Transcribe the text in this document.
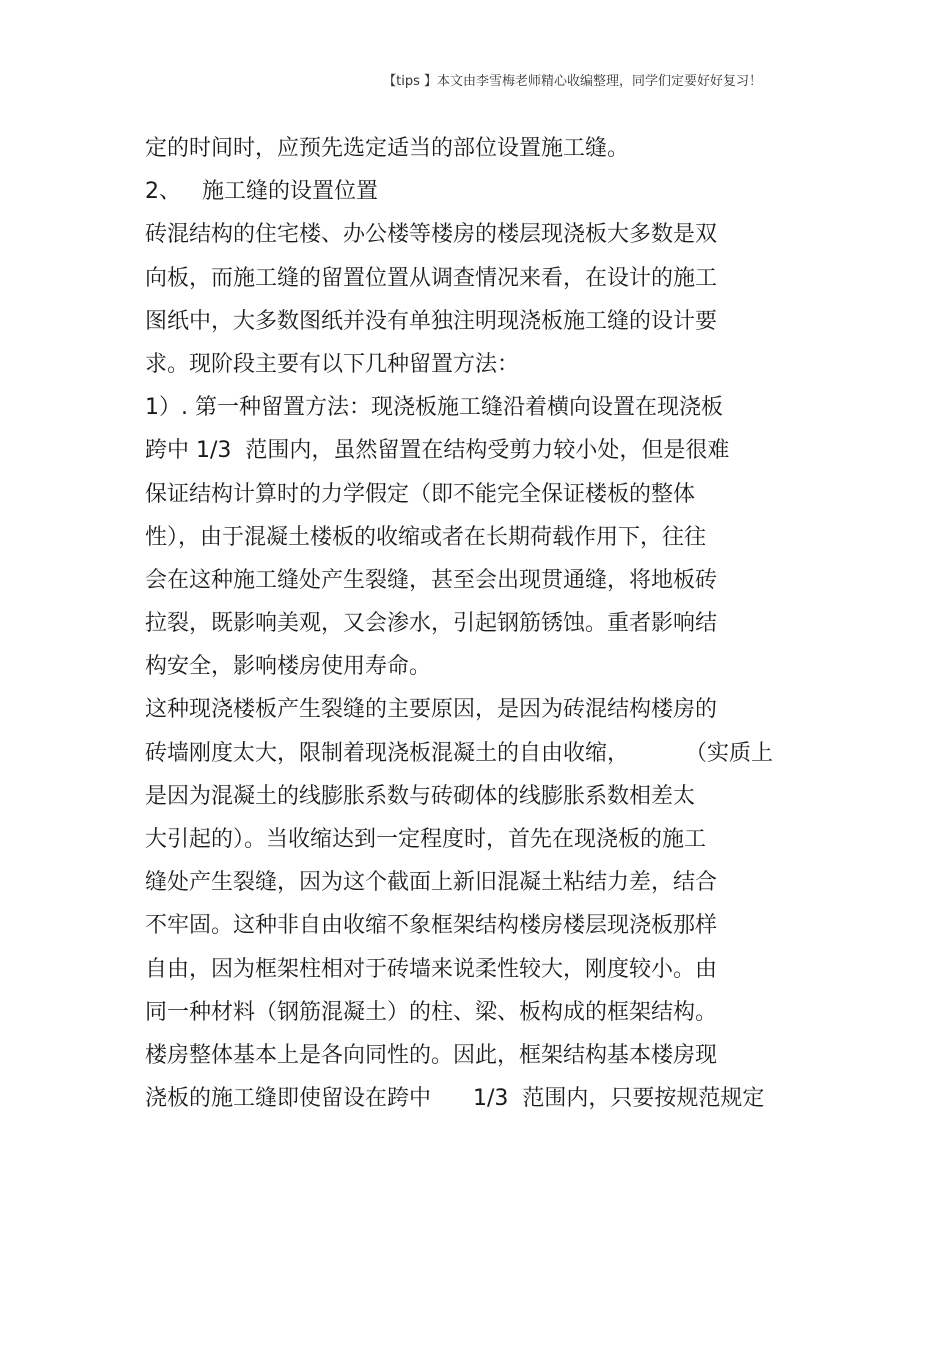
【tips 】本文由李雪梅老师精心收编整理，同学们定要好好复习！
定的时间时，应预先选定适当的部位设置施工缝。
2、   施工缝的设置位置
砖混结构的住宅楼、办公楼等楼房的楼层现浇板大多数是双
向板，而施工缝的留置位置从调查情况来看，在设计的施工
图纸中，大多数图纸并没有单独注明现浇板施工缝的设计要
求。现阶段主要有以下几种留置方法：
1）. 第一种留置方法：现浇板施工缝沿着横向设置在现浇板
跨中 1/3  范围内，虽然留置在结构受剪力较小处，但是很难
保证结构计算时的力学假定（即不能完全保证楼板的整体
性），由于混凝土楼板的收缩或者在长期荷载作用下，往往
会在这种施工缝处产生裂缝，甚至会出现贯通缝，将地板砖
拉裂，既影响美观，又会渗水，引起钢筋锈蚀。重者影响结
构安全，影响楼房使用寿命。
这种现浇楼板产生裂缝的主要原因，是因为砖混结构楼房的
砖墙刚度太大，限制着现浇板混凝土的自由收缩，        （实质上
是因为混凝土的线膨胀系数与砖砌体的线膨胀系数相差太
大引起的）。当收缩达到一定程度时，首先在现浇板的施工
缝处产生裂缝，因为这个截面上新旧混凝土粘结力差，结合
不牢固。这种非自由收缩不象框架结构楼房楼层现浇板那样
自由，因为框架柱相对于砖墙来说柔性较大，刚度较小。由
同一种材料（钢筋混凝土）的柱、梁、板构成的框架结构。
楼房整体基本上是各向同性的。因此，框架结构基本楼房现
浇板的施工缝即使留设在跨中      1/3  范围内，只要按规范规定
